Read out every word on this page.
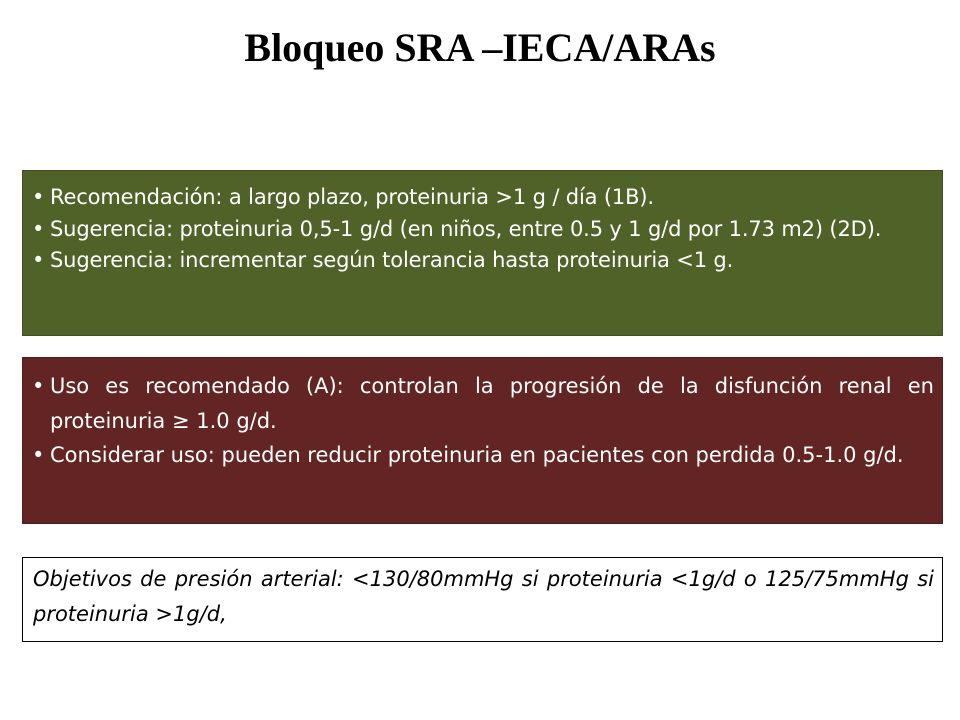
Bloqueo SRA –IECA/ARAs
• Recomendación: a largo plazo, proteinuria >1 g / día (1B).
• Sugerencia: proteinuria 0,5-1 g/d (en niños, entre 0.5 y 1 g/d por 1.73 m2) (2D).
• Sugerencia: incrementar según tolerancia hasta proteinuria <1 g.
• Uso es recomendado (A): controlan la progresión de la disfunción renal en proteinuria ≥ 1.0 g/d.
• Considerar uso: pueden reducir proteinuria en pacientes con perdida 0.5-1.0 g/d.

Objetivos de presión arterial: <130/80mmHg si proteinuria <1g/d o 125/75mmHg si proteinuria >1g/d,
